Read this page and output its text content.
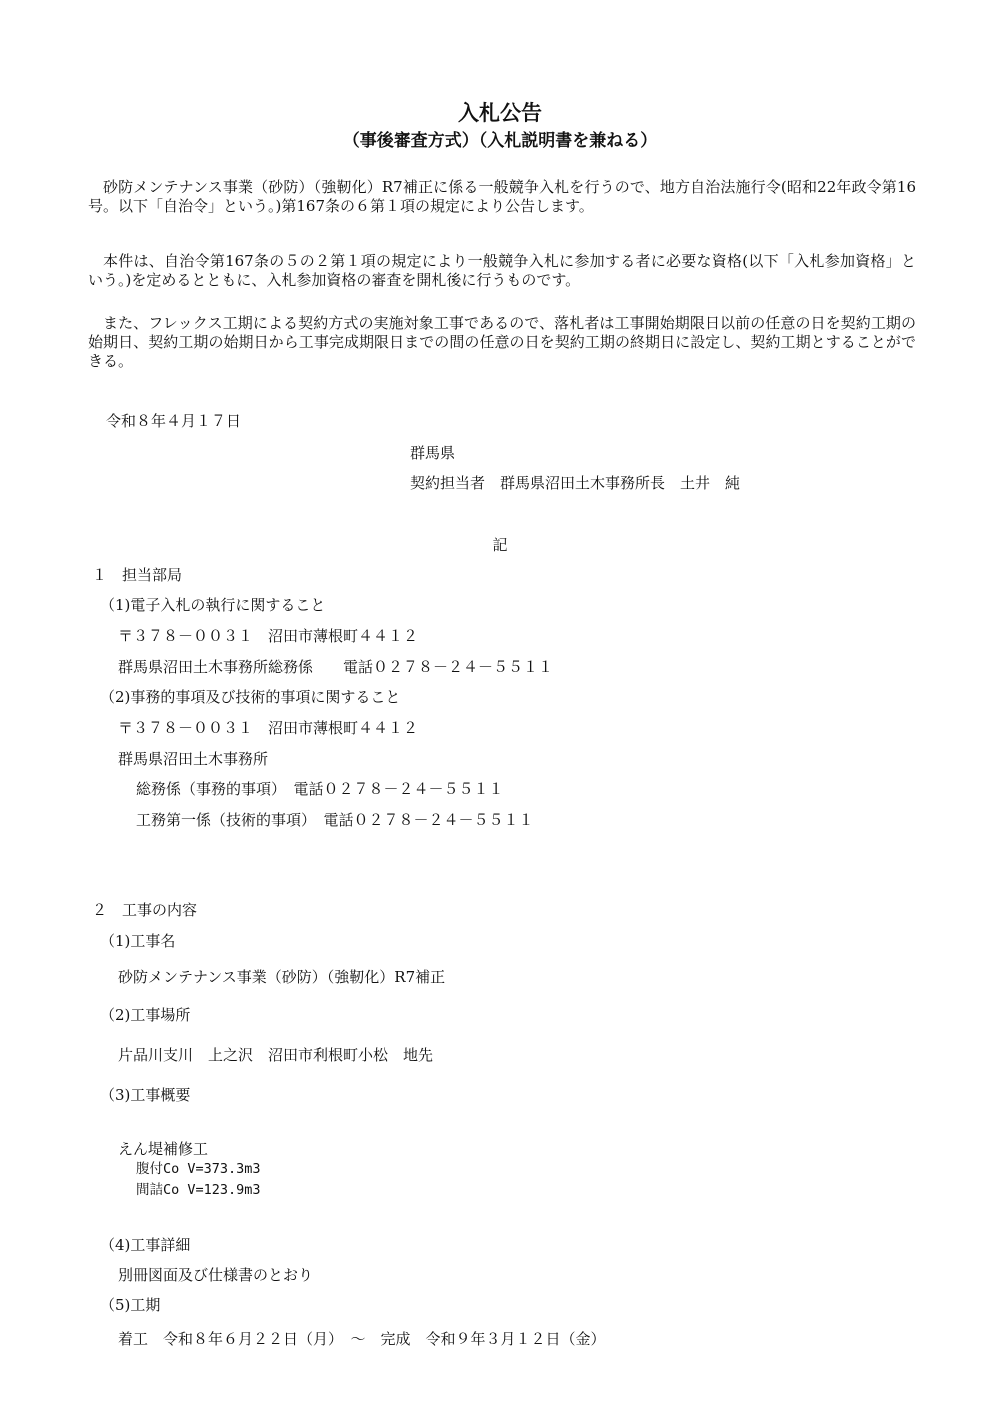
入札公告
（事後審査方式）（入札説明書を兼ねる）
砂防メンテナンス事業（砂防）（強靭化）R7補正に係る一般競争入札を行うので、地方自治法施行令(昭和22年政令第16号。以下「自治令」という。)第167条の６第１項の規定により公告します。
本件は、自治令第167条の５の２第１項の規定により一般競争入札に参加する者に必要な資格(以下「入札参加資格」という。)を定めるとともに、入札参加資格の審査を開札後に行うものです。
また、フレックス工期による契約方式の実施対象工事であるので、落札者は工事開始期限日以前の任意の日を契約工期の始期日、契約工期の始期日から工事完成期限日までの間の任意の日を契約工期の終期日に設定し、契約工期とすることができる。
令和８年４月１７日
群馬県
契約担当者　群馬県沼田土木事務所長　土井　純
記
１　担当部局
（1)電子入札の執行に関すること
〒３７８－００３１　沼田市薄根町４４１２
群馬県沼田土木事務所総務係　　電話０２７８－２４－５５１１
（2)事務的事項及び技術的事項に関すること
〒３７８－００３１　沼田市薄根町４４１２
群馬県沼田土木事務所
総務係（事務的事項）　電話０２７８－２４－５５１１
工務第一係（技術的事項）　電話０２７８－２４－５５１１
２　工事の内容
（1)工事名
砂防メンテナンス事業（砂防）（強靭化）R7補正
（2)工事場所
片品川支川　上之沢　沼田市利根町小松　地先
（3)工事概要
えん堤補修工
腹付Co V=373.3m3
間詰Co V=123.9m3
（4)工事詳細
別冊図面及び仕様書のとおり
（5)工期
着工　令和８年６月２２日（月）　～　完成　令和９年３月１２日（金）
